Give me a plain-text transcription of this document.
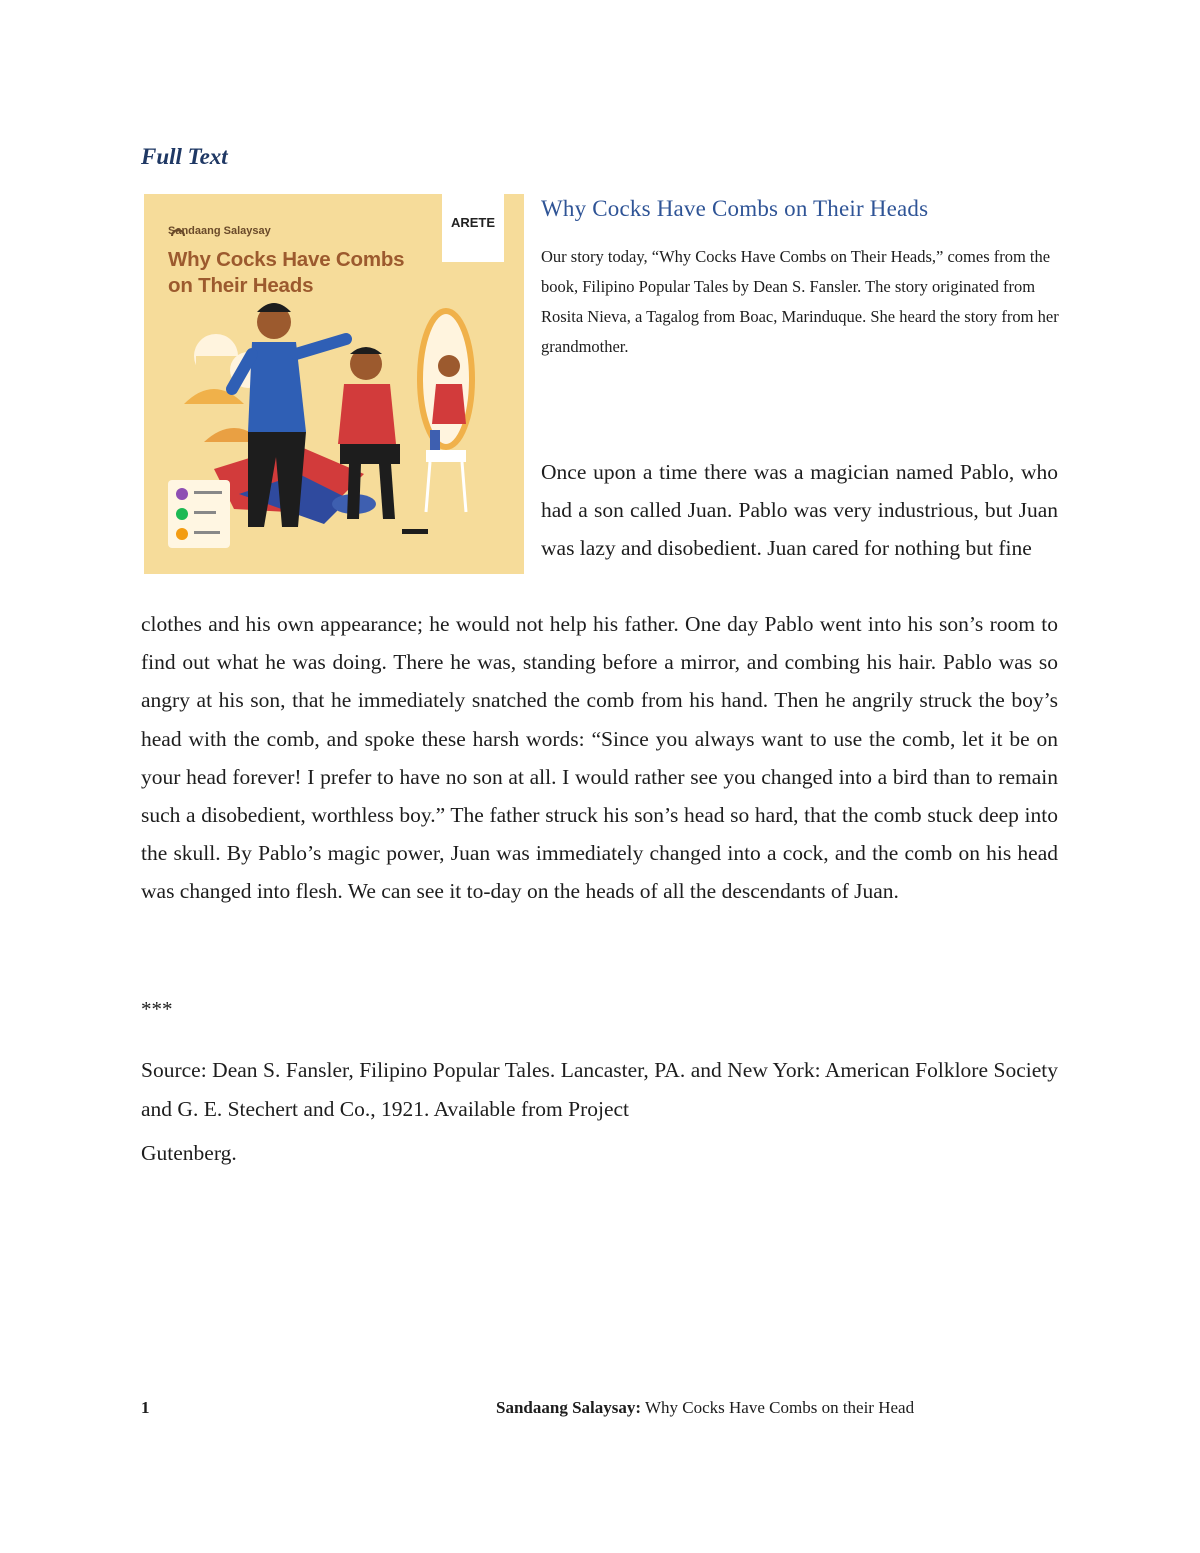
Full Text
Sandaang Salaysay
Why Cocks Have Combs on Their Heads
ARETE
Why Cocks Have Combs on Their Heads

Our story today, “Why Cocks Have Combs on Their Heads,” comes from the book, Filipino Popular Tales by Dean S. Fansler. The story originated from Rosita Nieva, a Tagalog from Boac, Marinduque. She heard the story from her grandmother.

Once upon a time there was a magician named Pablo, who had a son called Juan. Pablo was very industrious, but Juan was lazy and disobedient. Juan cared for nothing but fine

clothes and his own appearance; he would not help his father. One day Pablo went into his son’s room to find out what he was doing. There he was, standing before a mirror, and combing his hair. Pablo was so angry at his son, that he immediately snatched the comb from his hand. Then he angrily struck the boy’s head with the comb, and spoke these harsh words: “Since you always want to use the comb, let it be on your head forever! I prefer to have no son at all. I would rather see you changed into a bird than to remain such a disobedient, worthless boy.” The father struck his son’s head so hard, that the comb stuck deep into the skull. By Pablo’s magic power, Juan was immediately changed into a cock, and the comb on his head was changed into flesh. We can see it to-day on the heads of all the descendants of Juan.

***

Source: Dean S. Fansler, Filipino Popular Tales. Lancaster, PA. and New York: American Folklore Society and G. E. Stechert and Co., 1921. Available from Project

Gutenberg.

1	Sandaang Salaysay: Why Cocks Have Combs on their Head
